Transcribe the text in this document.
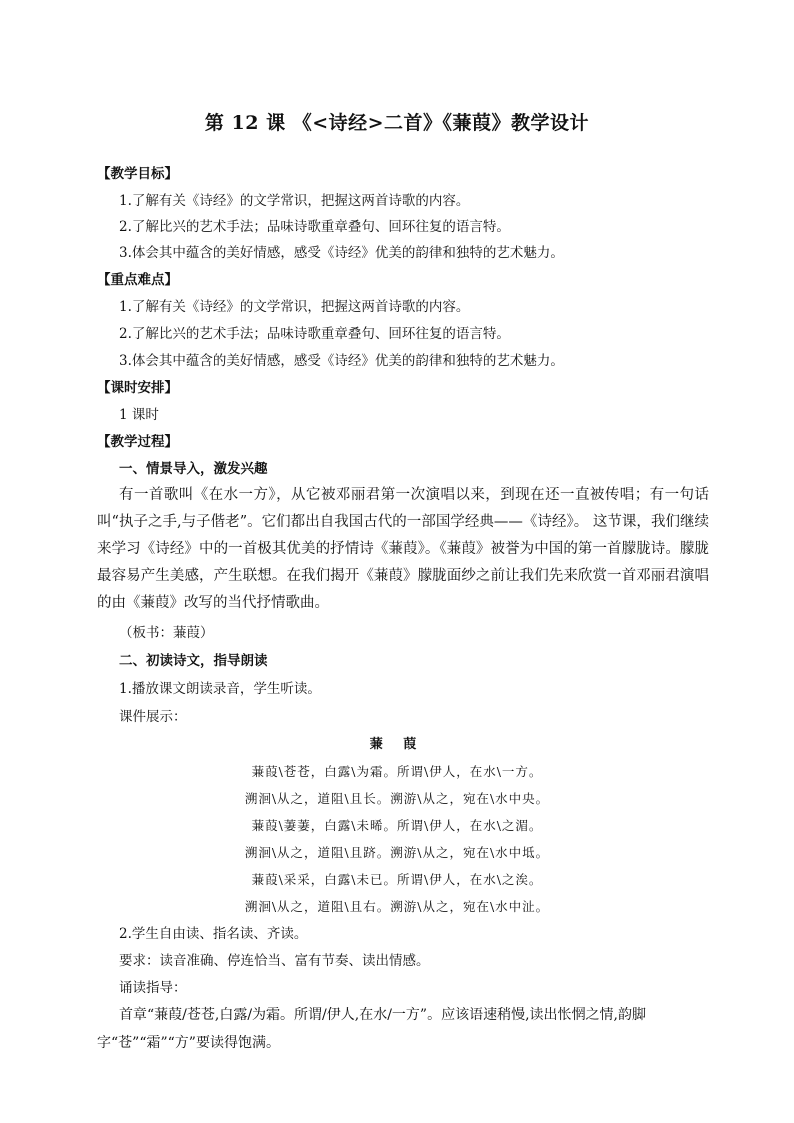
第 12 课 《<诗经>二首》《蒹葭》教学设计
【教学目标】
1.了解有关《诗经》的文学常识，把握这两首诗歌的内容。
2.了解比兴的艺术手法；品味诗歌重章叠句、回环往复的语言特。
3.体会其中蕴含的美好情感，感受《诗经》优美的韵律和独特的艺术魅力。
【重点难点】
1.了解有关《诗经》的文学常识，把握这两首诗歌的内容。
2.了解比兴的艺术手法；品味诗歌重章叠句、回环往复的语言特。
3.体会其中蕴含的美好情感，感受《诗经》优美的韵律和独特的艺术魅力。
【课时安排】
1 课时
【教学过程】
一、情景导入，激发兴趣
有一首歌叫《在水一方》，从它被邓丽君第一次演唱以来，到现在还一直被传唱；有一句话叫“执子之手,与子偕老”。它们都出自我国古代的一部国学经典——《诗经》。 这节课，我们继续来学习《诗经》中的一首极其优美的抒情诗《蒹葭》。《蒹葭》被誉为中国的第一首朦胧诗。朦胧最容易产生美感，产生联想。在我们揭开《蒹葭》朦胧面纱之前让我们先来欣赏一首邓丽君演唱的由《蒹葭》改写的当代抒情歌曲。
（板书：蒹葭）
二、初读诗文，指导朗读
1.播放课文朗读录音，学生听读。
课件展示：
蒹 葭
蒹葭\苍苍，白露\为霜。所谓\伊人，在水\一方。
溯洄\从之，道阻\且长。溯游\从之，宛在\水中央。
蒹葭\萋萋，白露\未晞。所谓\伊人，在水\之湄。
溯洄\从之，道阻\且跻。溯游\从之，宛在\水中坻。
蒹葭\采采，白露\未已。所谓\伊人，在水\之涘。
溯洄\从之，道阻\且右。溯游\从之，宛在\水中沚。
2.学生自由读、指名读、齐读。
要求：读音准确、停连恰当、富有节奏、读出情感。
诵读指导：
首章“蒹葭/苍苍,白露/为霜。所谓/伊人,在水/一方”。应该语速稍慢,读出怅惘之情,韵脚字“苍”“霜”“方”要读得饱满。
